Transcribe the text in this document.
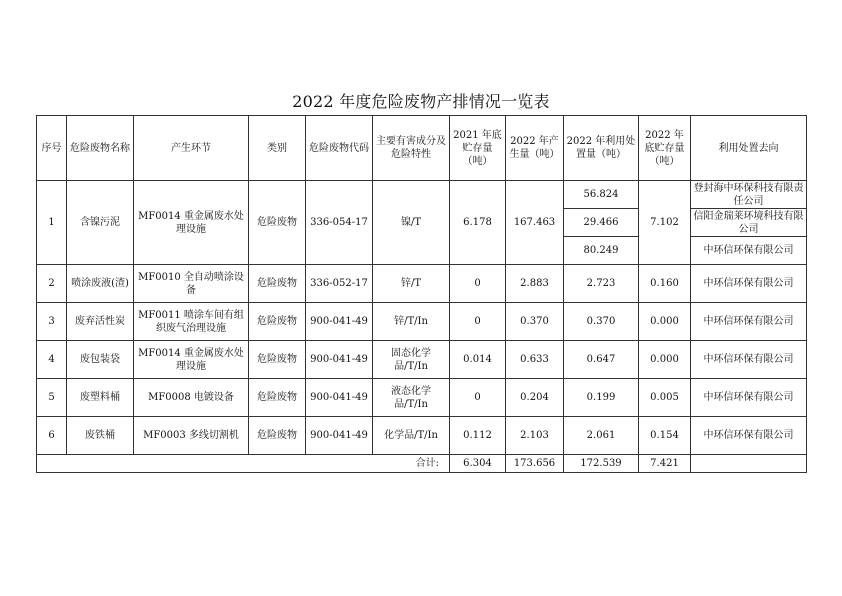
2022 年度危险废物产排情况一览表
序号	危险废物名称	产生环节	类别	危险废物代码	主要有害成分及危险特性	2021 年底贮存量（吨）	2022 年产生量（吨）	2022 年利用处置量（吨）	2022 年底贮存量（吨）	利用处置去向
1	含镍污泥	MF0014 重金属废水处理设施	危险废物	336-054-17	镍/T	6.178	167.463	56.824	7.102	登封海中环保科技有限责任公司
								29.466		信阳金瑞莱环境科技有限公司
								80.249		中环信环保有限公司
2	喷涂废液(渣)	MF0010 全自动喷涂设备	危险废物	336-052-17	锌/T	0	2.883	2.723	0.160	中环信环保有限公司
3	废弃活性炭	MF0011 喷涂车间有组织废气治理设施	危险废物	900-041-49	锌/T/In	0	0.370	0.370	0.000	中环信环保有限公司
4	废包装袋	MF0014 重金属废水处理设施	危险废物	900-041-49	固态化学品/T/In	0.014	0.633	0.647	0.000	中环信环保有限公司
5	废塑料桶	MF0008 电镀设备	危险废物	900-041-49	液态化学品/T/In	0	0.204	0.199	0.005	中环信环保有限公司
6	废铁桶	MF0003 多线切割机	危险废物	900-041-49	化学品/T/In	0.112	2.103	2.061	0.154	中环信环保有限公司
合计:						6.304	173.656	172.539	7.421	
